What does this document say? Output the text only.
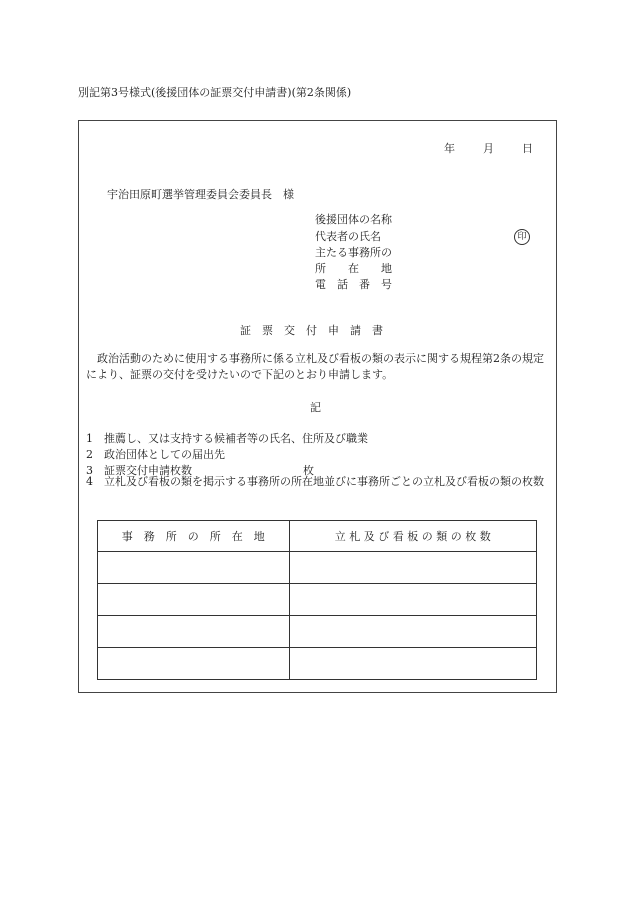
別記第3号様式(後援団体の証票交付申請書)(第2条関係)
年	月	日
宇治田原町選挙管理委員会委員長　様
後援団体の名称
代表者の氏名	印
主たる事務所の
所　　在　　地
電　話　番　号
証　票　交　付　申　請　書
政治活動のために使用する事務所に係る立札及び看板の類の表示に関する規程第2条の規定により、証票の交付を受けたいので下記のとおり申請します。
記
1　推薦し、又は支持する候補者等の氏名、住所及び職業
2　政治団体としての届出先
3　証票交付申請枚数	枚
4　立札及び看板の類を掲示する事務所の所在地並びに事務所ごとの立札及び看板の類の枚数
事　務　所　の　所　在　地	立 札 及 び 看 板 の 類 の 枚 数
